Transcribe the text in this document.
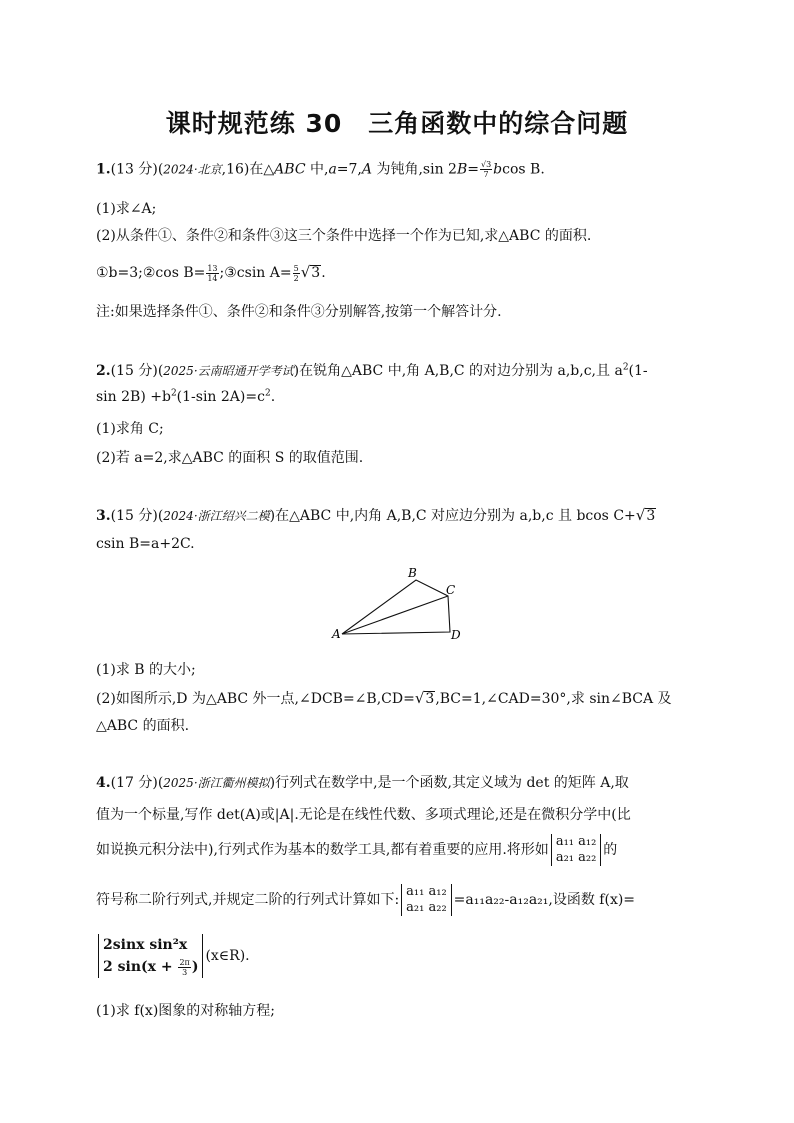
课时规范练 30　三角函数中的综合问题
1.(13 分)(2024·北京,16)在△ABC 中,a=7,A 为钝角,sin $2B= \frac{√3}{7}$ bcos B.
(1)求∠A;
(2)从条件①、条件②和条件③这三个条件中选择一个作为已知,求△ABC 的面积.
①b=3;②cos $B= \frac{13}{14}$ ;③csin $A= \frac{5}{2} √3$.
注:如果选择条件①、条件②和条件③分别解答,按第一个解答计分.
2.(15 分)(2025·云南昭通开学考试)在锐角△ABC 中,角 A,B,C 的对边分别为 a,b,c,且 $a^2(1-$
$\sin 2B) +b^2(1-\sin$ $2A)=c^2$.
(1)求角 C;
(2)若 a=2,求△ABC 的面积 S 的取值范围.
3.(15 分)(2024·浙江绍兴二模)在△ABC 中,内角 A,B,C 对应边分别为 a,b,c 且 bcos C+√3
csin B=a+2C.
A
B
C
D
(1)求 B 的大小;
(2)如图所示,D 为△ABC 外一点,∠DCB=∠B,CD=√3,BC=1,∠CAD=30°,求 sin∠BCA 及
△ABC 的面积.
4.(17 分)(2025·浙江衢州模拟)行列式在数学中,是一个函数,其定义域为 det 的矩阵 A,取
值为一个标量,写作 det(A)或|A|.无论是在线性代数、多项式理论,还是在微积分学中(比
如说换元积分法中),行列式作为基本的数学工具,都有着重要的应用.将形如
a₁₁ a₁₂
a₂₁ a₂₂ 的
符号称二阶行列式,并规定二阶的行列式计算如下:
a₁₁ a₁₂
a₂₁ a₂₂ =a₁₁a₂₂-a₁₂a₂₁,设函数 f(x)=
2sinx sin²x
2 $\sin(x + \frac{2\pi}{3}$ )
(x∈R).
(1)求 f(x)图象的对称轴方程;
